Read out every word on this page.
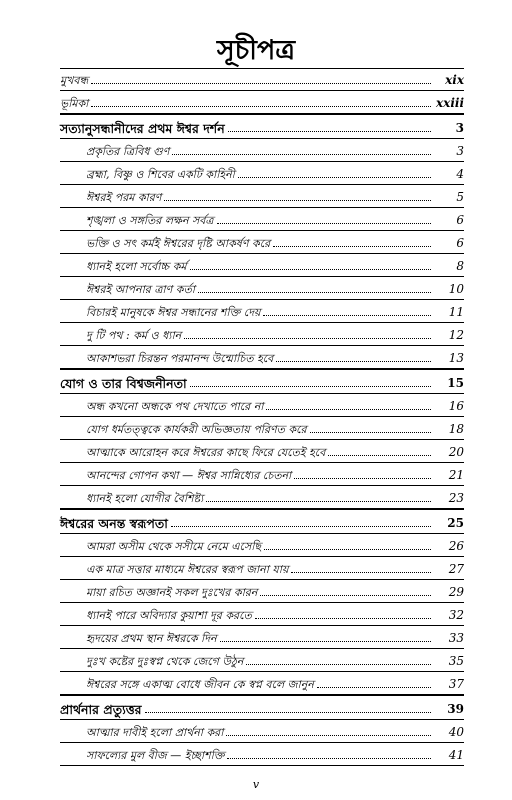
সূচীপত্র
মুখবন্ধ	xix
ভূমিকা	xxiii
সত্যানুসন্ধানীদের প্রথম ঈশ্বর দর্শন	3
প্রকৃতির ত্রিবিধ গুণ	3
ব্রহ্মা, বিষ্ণু ও শিবের একটি কাহিনী	4
ঈশ্বরই পরম কারণ	5
শৃঙ্খলা ও সঙ্গতির লক্ষন সর্বত্র	6
ভক্তি ও সৎ কর্মই ঈশ্বরের দৃষ্টি আকর্ষণ করে	6
ধ্যানই হলো সর্বোচ্চ কর্ম	8
ঈশ্বরই আপনার ত্রাণ কর্তা	10
বিচারই মানুষকে ঈশ্বর সন্ধানের শক্তি দেয়	11
দু টি পথ : কর্ম ও ধ্যান	12
আকাশভরা চিরন্তন পরমানন্দ উন্মোচিত হবে	13
যোগ ও তার বিশ্বজনীনতা	15
অন্ধ কখনো অন্ধকে পথ দেখাতে পারে না	16
যোগ ধর্মতত্ত্বকে কার্যকরী অভিজ্ঞতায় পরিণত করে	18
আত্মাকে আরোহন করে ঈশ্বরের কাছে ফিরে যেতেই হবে	20
আনন্দের গোপন কথা — ঈশ্বর সান্নিধ্যের চেতনা	21
ধ্যানই হলো যোগীর বৈশিষ্ট্য	23
ঈশ্বরের অনন্ত স্বরূপতা	25
আমরা অসীম থেকে সসীমে নেমে এসেছি	26
এক মাত্র সত্তার মাধ্যমে ঈশ্বরের স্বরূপ জানা যায়	27
মায়া রচিত অজ্ঞানই সকল দুঃখের কারন	29
ধ্যানই পারে অবিদ্যার কুয়াশা দূর করতে	32
হৃদয়ের প্রথম স্থান ঈশ্বরকে দিন	33
দুঃখ কষ্টের দুঃস্বপ্ন থেকে জেগে উঠুন	35
ঈশ্বরের সঙ্গে একাত্ম বোধে জীবন কে স্বপ্ন বলে জানুন	37
প্রার্থনার প্রত্যুত্তর	39
আত্মার দাবীই হলো প্রার্থনা করা	40
সাফল্যের মুল বীজ — ইচ্ছাশক্তি	41
v
